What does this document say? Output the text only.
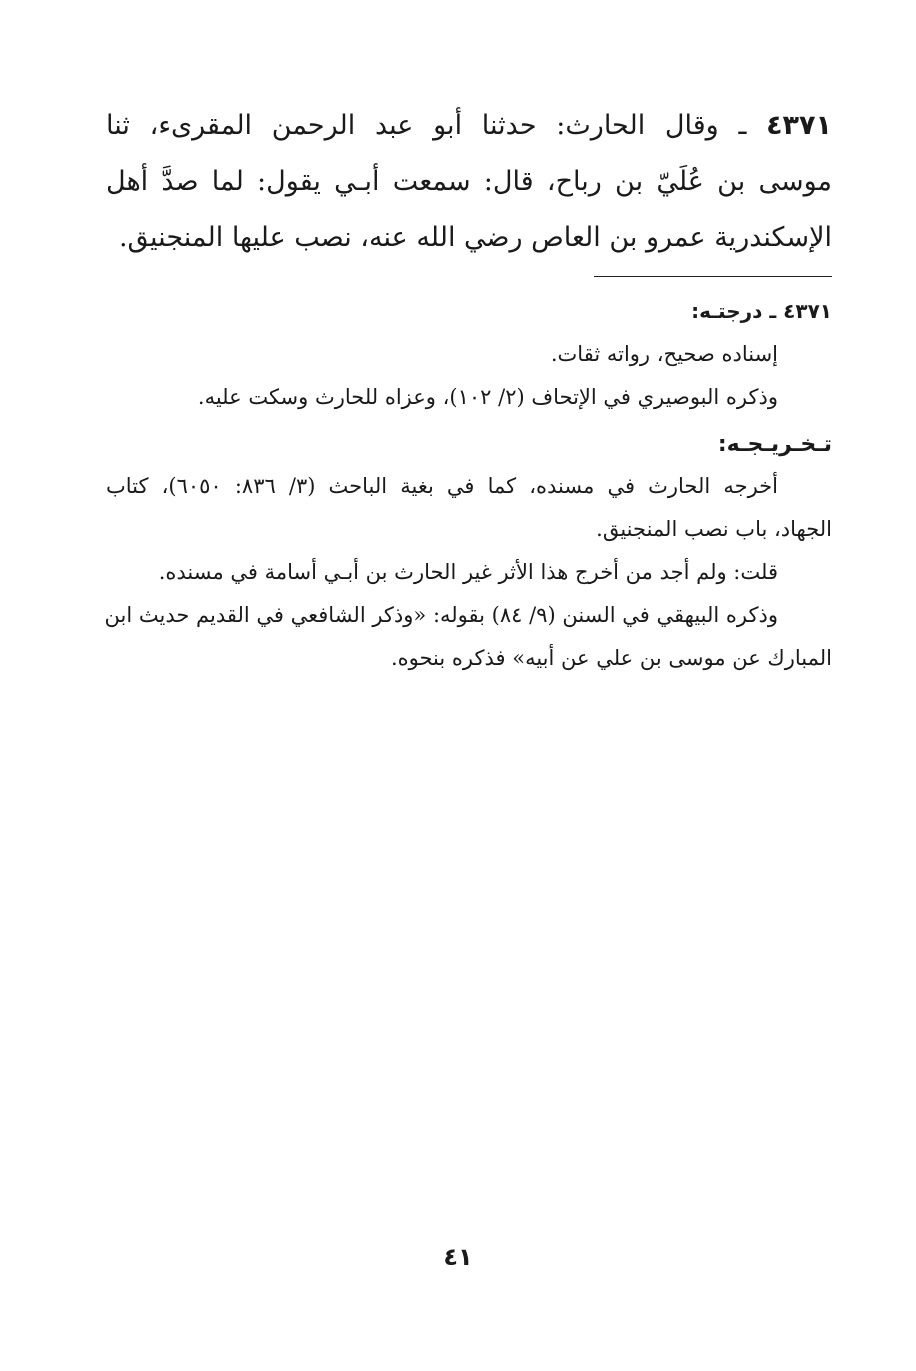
٤٣٧١ ـ وقال الحارث: حدثنا أبو عبد الرحمن المقرىء، ثنا
موسى بن عُلَيّ بن رباح، قال: سمعت أبـي يقول: لما صدَّ أهل
الإسكندرية عمرو بن العاص رضي الله عنه، نصب عليها المنجنيق.
٤٣٧١ ـ درجتـه:
إسناده صحيح، رواته ثقات.
وذكره البوصيري في الإتحاف (٢/ ١٠٢)، وعزاه للحارث وسكت عليه.
تـخـريـجـه:
أخرجه الحارث في مسنده، كما في بغية الباحث (٣/ ٨٣٦: ٦٠٥٠)، كتاب
الجهاد، باب نصب المنجنيق.
قلت: ولم أجد من أخرج هذا الأثر غير الحارث بن أبـي أسامة في مسنده.
وذكره البيهقي في السنن (٩/ ٨٤) بقوله: «وذكر الشافعي في القديم حديث ابن
المبارك عن موسى بن علي عن أبيه» فذكره بنحوه.
٤١
